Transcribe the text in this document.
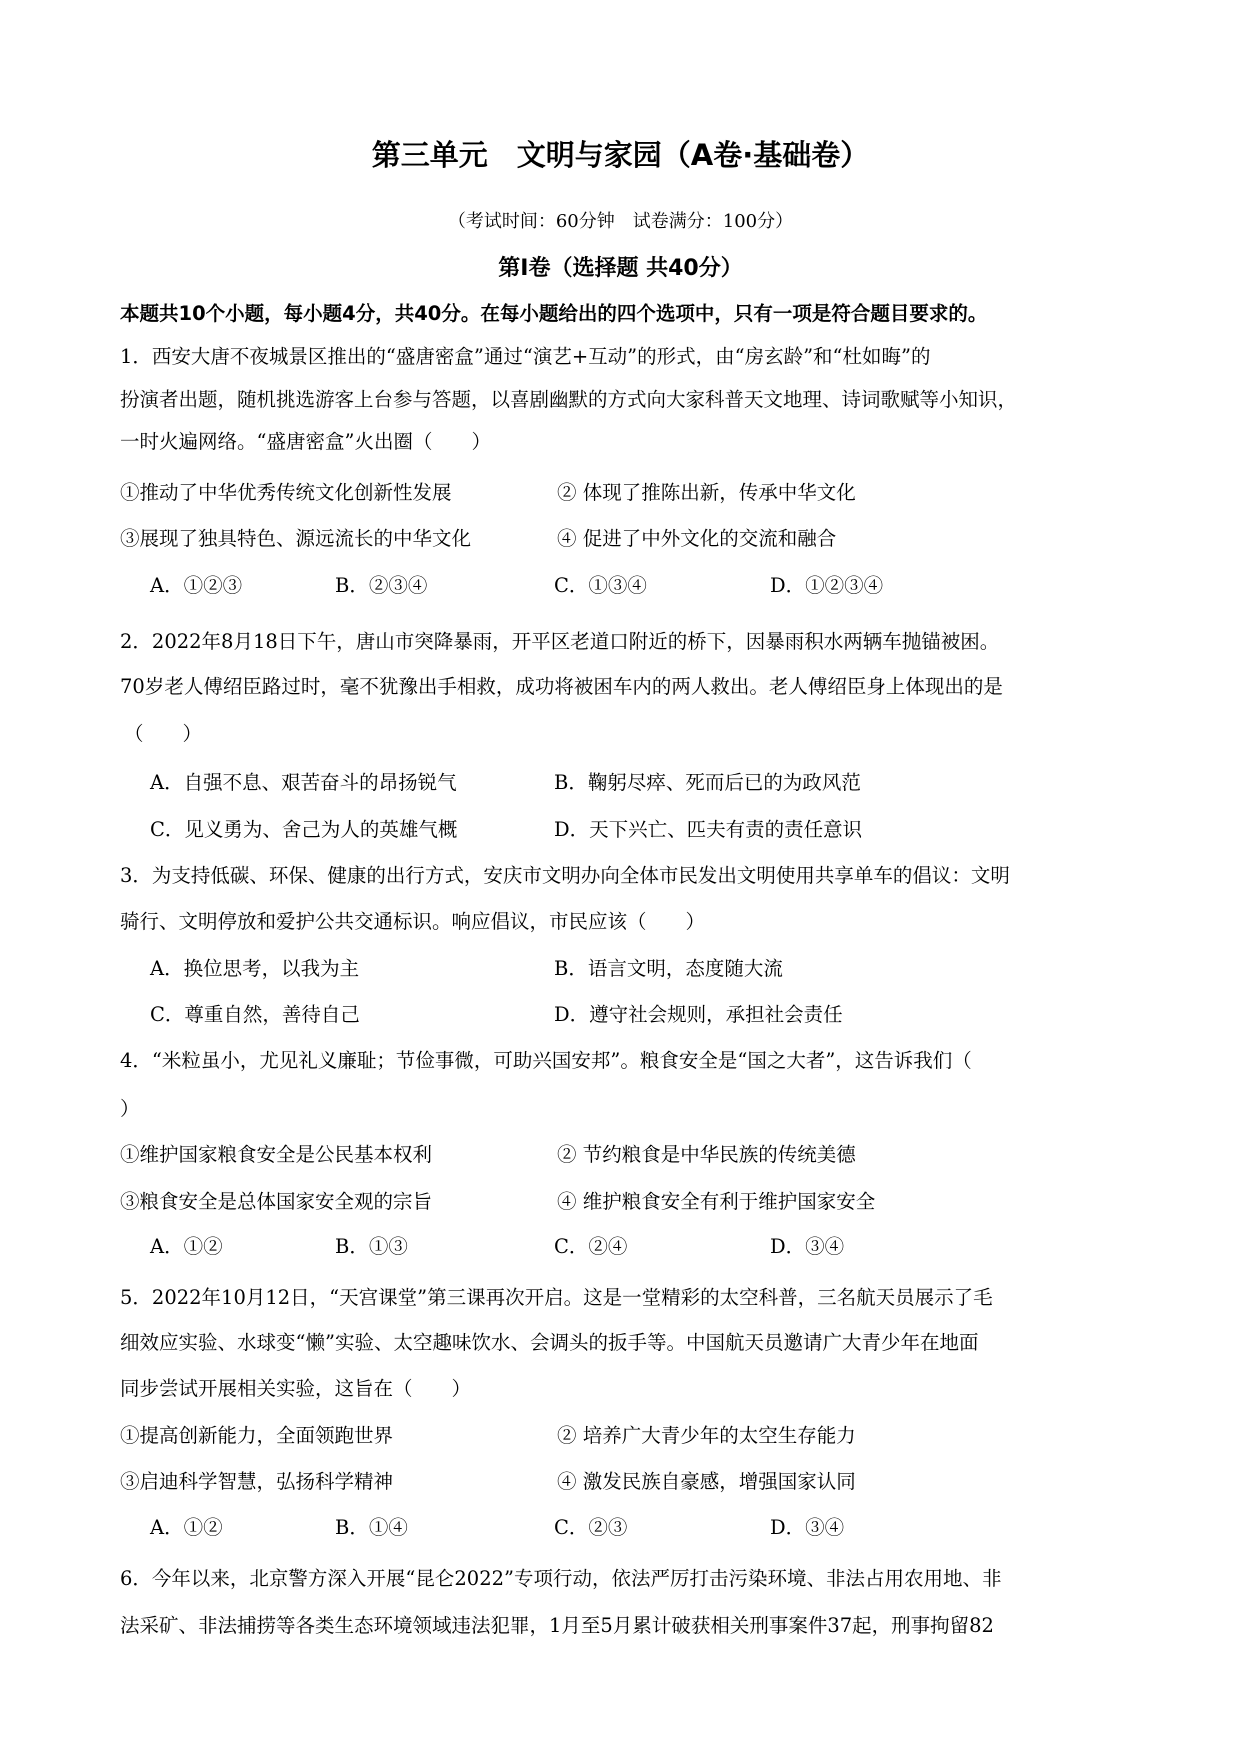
第三单元　文明与家园（A卷·基础卷）
（考试时间：60分钟　试卷满分：100分）
第Ⅰ卷（选择题 共40分）
本题共10个小题，每小题4分，共40分。在每小题给出的四个选项中，只有一项是符合题目要求的。
1．西安大唐不夜城景区推出的“盛唐密盒”通过“演艺+互动”的形式，由“房玄龄”和“杜如晦”的
扮演者出题，随机挑选游客上台参与答题，以喜剧幽默的方式向大家科普天文地理、诗词歌赋等小知识，
一时火遍网络。“盛唐密盒”火出圈（　　）
①推动了中华优秀传统文化创新性发展	② 体现了推陈出新，传承中华文化
③展现了独具特色、源远流长的中华文化	④ 促进了中外文化的交流和融合
A．①②③	B．②③④	C．①③④	D．①②③④
2．2022年8月18日下午，唐山市突降暴雨，开平区老道口附近的桥下，因暴雨积水两辆车抛锚被困。
70岁老人傅绍臣路过时，毫不犹豫出手相救，成功将被困车内的两人救出。老人傅绍臣身上体现出的是
（　　）
A．自强不息、艰苦奋斗的昂扬锐气	B．鞠躬尽瘁、死而后已的为政风范
C．见义勇为、舍己为人的英雄气概	D．天下兴亡、匹夫有责的责任意识
3．为支持低碳、环保、健康的出行方式，安庆市文明办向全体市民发出文明使用共享单车的倡议：文明
骑行、文明停放和爱护公共交通标识。响应倡议，市民应该（　　）
A．换位思考，以我为主	B．语言文明，态度随大流
C．尊重自然，善待自己	D．遵守社会规则，承担社会责任
4．“米粒虽小，尤见礼义廉耻；节俭事微，可助兴国安邦”。粮食安全是“国之大者”，这告诉我们（
）
①维护国家粮食安全是公民基本权利	② 节约粮食是中华民族的传统美德
③粮食安全是总体国家安全观的宗旨	④ 维护粮食安全有利于维护国家安全
A．①②	B．①③	C．②④	D．③④
5．2022年10月12日，“天宫课堂”第三课再次开启。这是一堂精彩的太空科普，三名航天员展示了毛
细效应实验、水球变“懒”实验、太空趣味饮水、会调头的扳手等。中国航天员邀请广大青少年在地面
同步尝试开展相关实验，这旨在（　　）
①提高创新能力，全面领跑世界	② 培养广大青少年的太空生存能力
③启迪科学智慧，弘扬科学精神	④ 激发民族自豪感，增强国家认同
A．①②	B．①④	C．②③	D．③④
6．今年以来，北京警方深入开展“昆仑2022”专项行动，依法严厉打击污染环境、非法占用农用地、非
法采矿、非法捕捞等各类生态环境领域违法犯罪，1月至5月累计破获相关刑事案件37起，刑事拘留82
